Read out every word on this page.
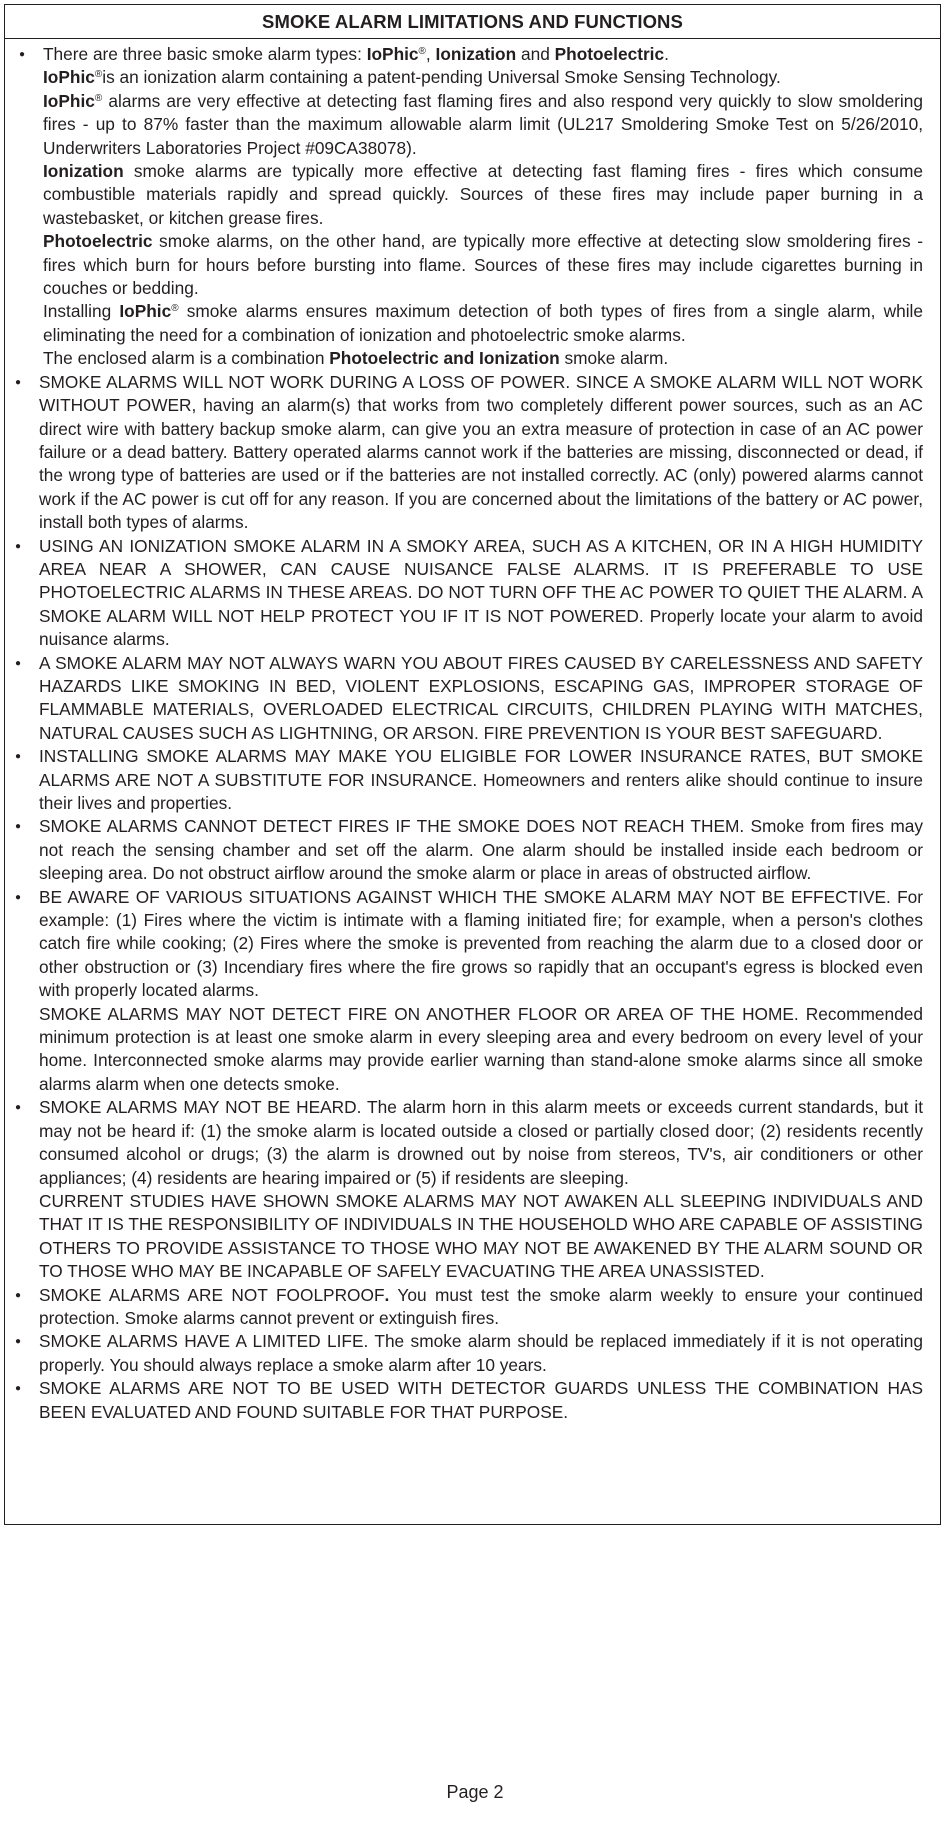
SMOKE ALARM LIMITATIONS AND FUNCTIONS

● There are three basic smoke alarm types: IoPhic®, Ionization and Photoelectric.

IoPhic®is an ionization alarm containing a patent-pending Universal Smoke Sensing Technology.

IoPhic® alarms are very effective at detecting fast flaming fires and also respond very quickly to slow smoldering fires - up to 87% faster than the maximum allowable alarm limit (UL217 Smoldering Smoke Test on 5/26/2010, Underwriters Laboratories Project #09CA38078).

Ionization smoke alarms are typically more effective at detecting fast flaming fires - fires which consume combustible materials rapidly and spread quickly. Sources of these fires may include paper burning in a wastebasket, or kitchen grease fires.

Photoelectric smoke alarms, on the other hand, are typically more effective at detecting slow smoldering fires - fires which burn for hours before bursting into flame. Sources of these fires may include cigarettes burning in couches or bedding.

Installing IoPhic® smoke alarms ensures maximum detection of both types of fires from a single alarm, while eliminating the need for a combination of ionization and photoelectric smoke alarms.

The enclosed alarm is a combination Photoelectric and Ionization smoke alarm.

● SMOKE ALARMS WILL NOT WORK DURING A LOSS OF POWER. SINCE A SMOKE ALARM WILL NOT WORK WITHOUT POWER, having an alarm(s) that works from two completely different power sources, such as an AC direct wire with battery backup smoke alarm, can give you an extra measure of protection in case of an AC power failure or a dead battery. Battery operated alarms cannot work if the batteries are missing, disconnected or dead, if the wrong type of batteries are used or if the batteries are not installed correctly. AC (only) powered alarms cannot work if the AC power is cut off for any reason. If you are concerned about the limitations of the battery or AC power, install both types of alarms.

● USING AN IONIZATION SMOKE ALARM IN A SMOKY AREA, SUCH AS A KITCHEN, OR IN A HIGH HUMIDITY AREA NEAR A SHOWER, CAN CAUSE NUISANCE FALSE ALARMS. IT IS PREFERABLE TO USE PHOTOELECTRIC ALARMS IN THESE AREAS. DO NOT TURN OFF THE AC POWER TO QUIET THE ALARM. A SMOKE ALARM WILL NOT HELP PROTECT YOU IF IT IS NOT POWERED. Properly locate your alarm to avoid nuisance alarms.

● A SMOKE ALARM MAY NOT ALWAYS WARN YOU ABOUT FIRES CAUSED BY CARELESSNESS AND SAFETY HAZARDS LIKE SMOKING IN BED, VIOLENT EXPLOSIONS, ESCAPING GAS, IMPROPER STORAGE OF FLAMMABLE MATERIALS, OVERLOADED ELECTRICAL CIRCUITS, CHILDREN PLAYING WITH MATCHES, NATURAL CAUSES SUCH AS LIGHTNING, OR ARSON. FIRE PREVENTION IS YOUR BEST SAFEGUARD.

● INSTALLING SMOKE ALARMS MAY MAKE YOU ELIGIBLE FOR LOWER INSURANCE RATES, BUT SMOKE ALARMS ARE NOT A SUBSTITUTE FOR INSURANCE. Homeowners and renters alike should continue to insure their lives and properties.

● SMOKE ALARMS CANNOT DETECT FIRES IF THE SMOKE DOES NOT REACH THEM. Smoke from fires may not reach the sensing chamber and set off the alarm. One alarm should be installed inside each bedroom or sleeping area. Do not obstruct airflow around the smoke alarm or place in areas of obstructed airflow.

● BE AWARE OF VARIOUS SITUATIONS AGAINST WHICH THE SMOKE ALARM MAY NOT BE EFFECTIVE. For example: (1) Fires where the victim is intimate with a flaming initiated fire; for example, when a person's clothes catch fire while cooking; (2) Fires where the smoke is prevented from reaching the alarm due to a closed door or other obstruction or (3) Incendiary fires where the fire grows so rapidly that an occupant's egress is blocked even with properly located alarms.

SMOKE ALARMS MAY NOT DETECT FIRE ON ANOTHER FLOOR OR AREA OF THE HOME. Recommended minimum protection is at least one smoke alarm in every sleeping area and every bedroom on every level of your home. Interconnected smoke alarms may provide earlier warning than stand-alone smoke alarms since all smoke alarms alarm when one detects smoke.

● SMOKE ALARMS MAY NOT BE HEARD. The alarm horn in this alarm meets or exceeds current standards, but it may not be heard if: (1) the smoke alarm is located outside a closed or partially closed door; (2) residents recently consumed alcohol or drugs; (3) the alarm is drowned out by noise from stereos, TV's, air conditioners or other appliances; (4) residents are hearing impaired or (5) if residents are sleeping.

CURRENT STUDIES HAVE SHOWN SMOKE ALARMS MAY NOT AWAKEN ALL SLEEPING INDIVIDUALS AND THAT IT IS THE RESPONSIBILITY OF INDIVIDUALS IN THE HOUSEHOLD WHO ARE CAPABLE OF ASSISTING OTHERS TO PROVIDE ASSISTANCE TO THOSE WHO MAY NOT BE AWAKENED BY THE ALARM SOUND OR TO THOSE WHO MAY BE INCAPABLE OF SAFELY EVACUATING THE AREA UNASSISTED.

● SMOKE ALARMS ARE NOT FOOLPROOF. You must test the smoke alarm weekly to ensure your continued protection. Smoke alarms cannot prevent or extinguish fires.

● SMOKE ALARMS HAVE A LIMITED LIFE. The smoke alarm should be replaced immediately if it is not operating properly. You should always replace a smoke alarm after 10 years.

● SMOKE ALARMS ARE NOT TO BE USED WITH DETECTOR GUARDS UNLESS THE COMBINATION HAS BEEN EVALUATED AND FOUND SUITABLE FOR THAT PURPOSE.

Page 2
